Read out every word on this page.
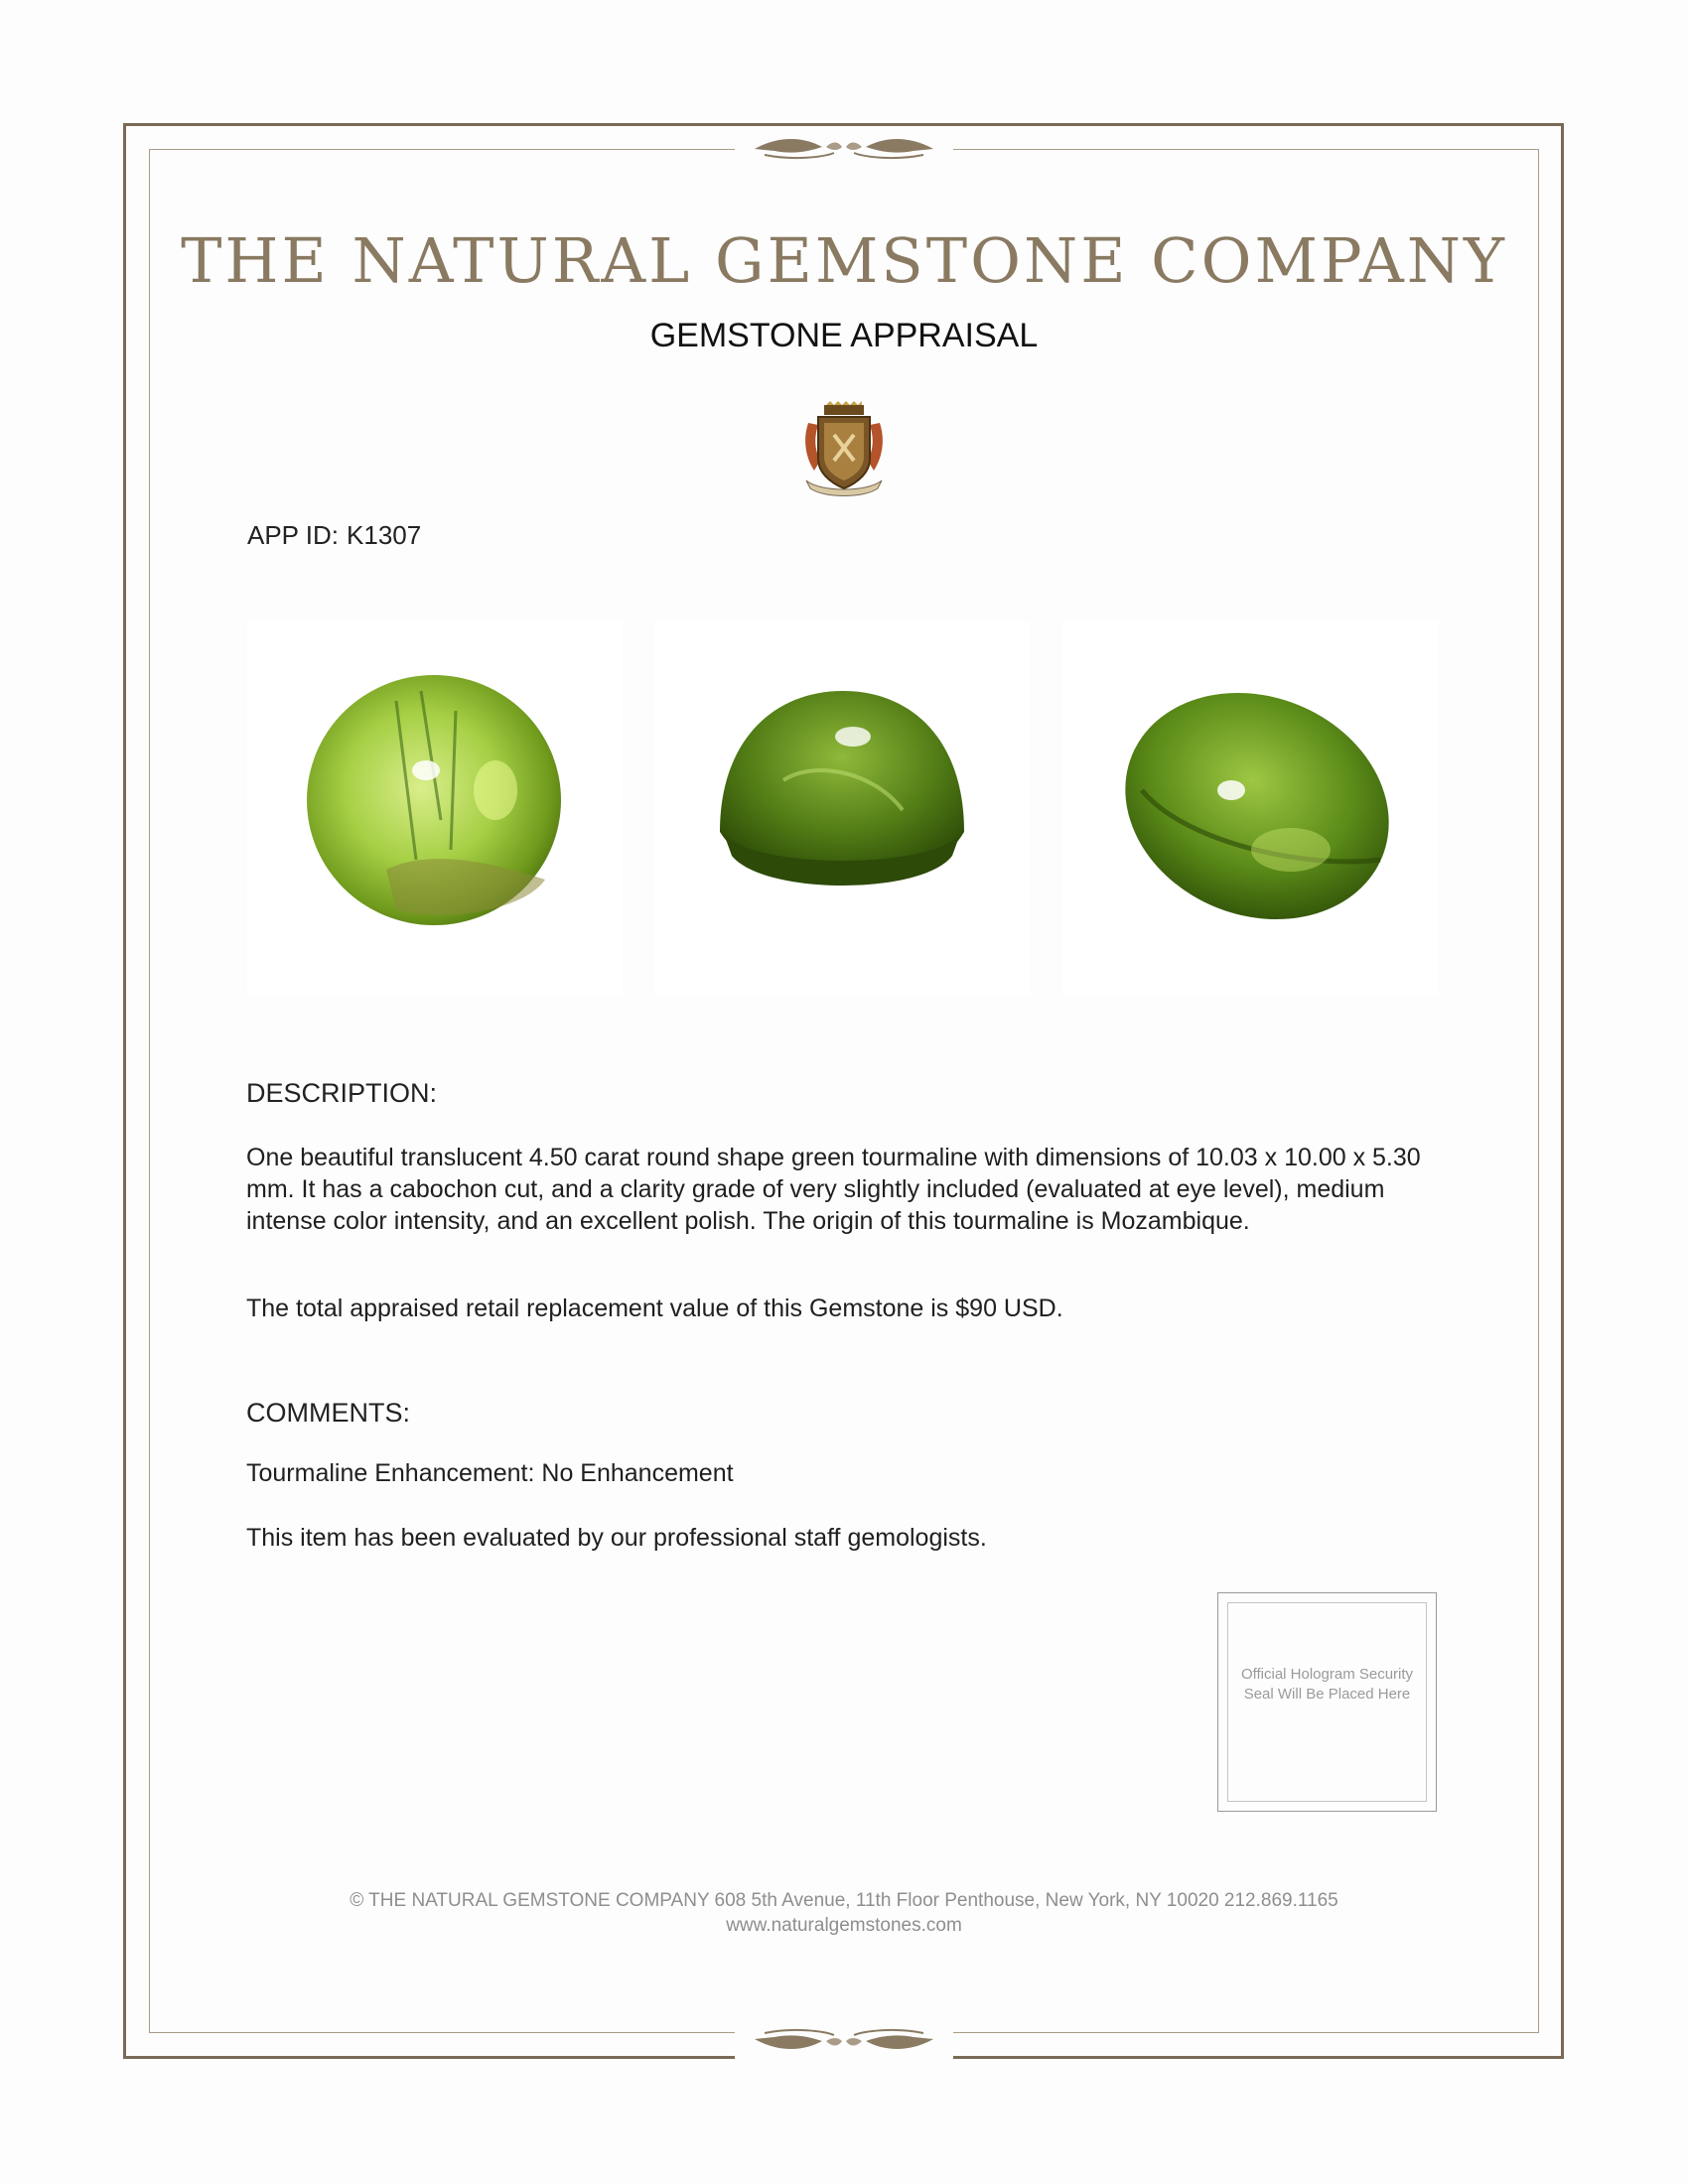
THE NATURAL GEMSTONE COMPANY
GEMSTONE APPRAISAL
APP ID: K1307
DESCRIPTION:
One beautiful translucent 4.50 carat round shape green tourmaline with dimensions of 10.03 x 10.00 x 5.30 mm. It has a cabochon cut, and a clarity grade of very slightly included (evaluated at eye level), medium intense color intensity, and an excellent polish. The origin of this tourmaline is Mozambique.
The total appraised retail replacement value of this Gemstone is $90 USD.
COMMENTS:
Tourmaline Enhancement: No Enhancement
This item has been evaluated by our professional staff gemologists.
Official Hologram Security Seal Will Be Placed Here
© THE NATURAL GEMSTONE COMPANY 608 5th Avenue, 11th Floor Penthouse, New York, NY 10020 212.869.1165
www.naturalgemstones.com
